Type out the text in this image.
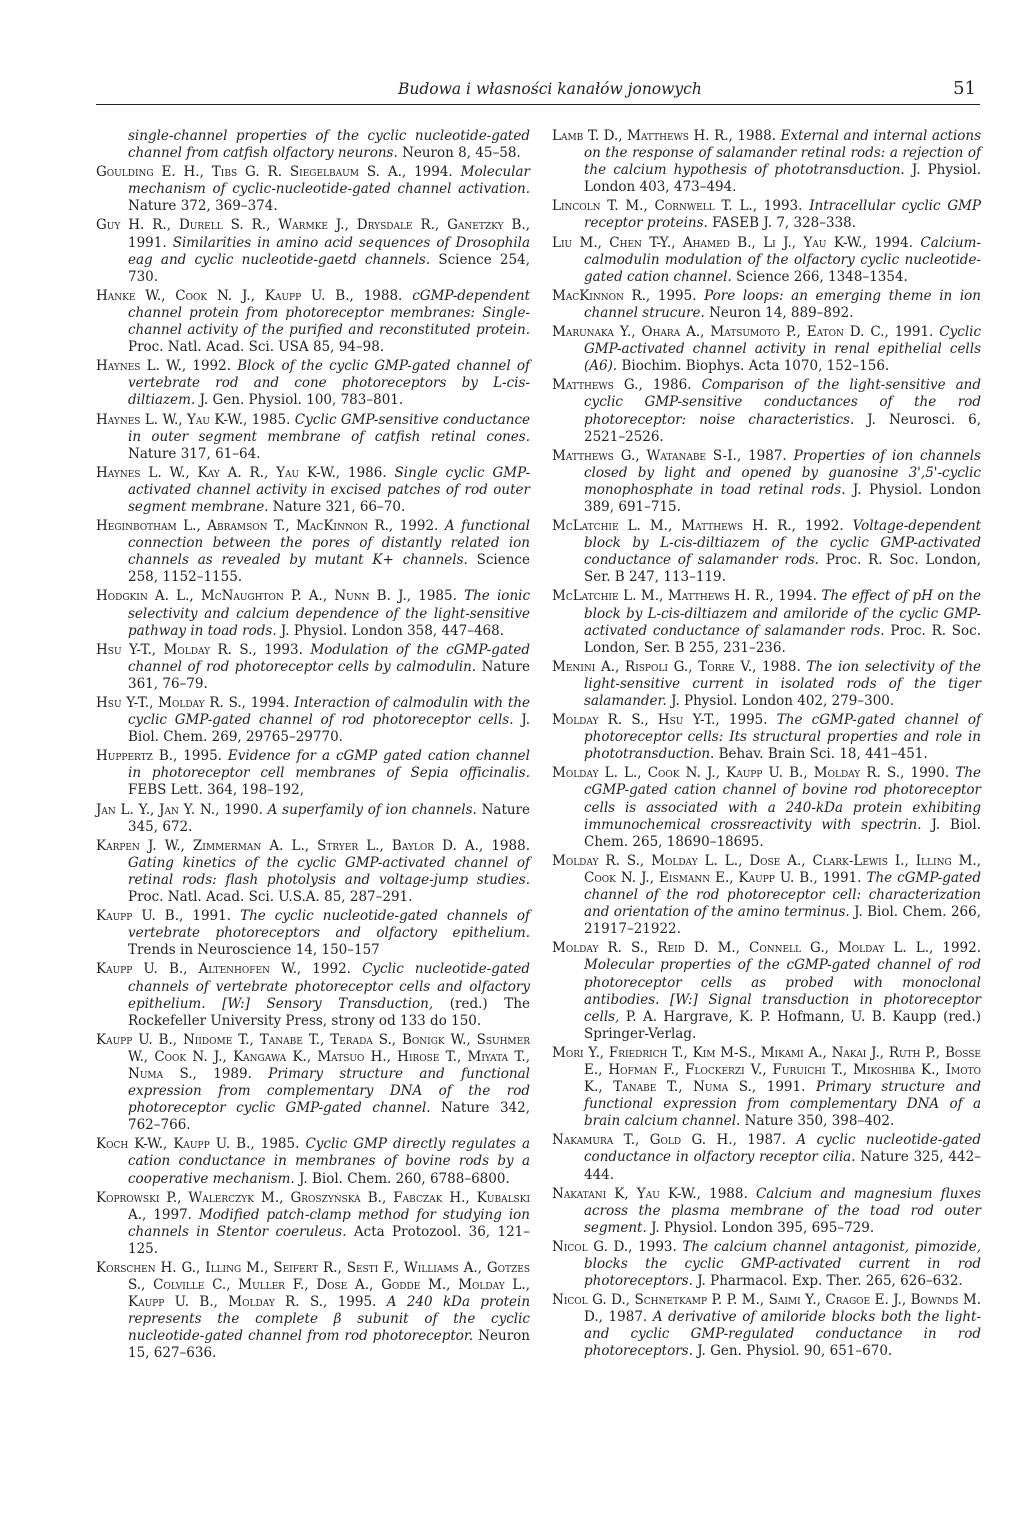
Budowa i własności kanałów jonowych	51

single-channel properties of the cyclic nucleotide-gated channel from catfish olfactory neurons. Neuron 8, 45–58.

Goulding E. H., Tibs G. R. Siegelbaum S. A., 1994. Molecular mechanism of cyclic-nucleotide-gated channel activation. Nature 372, 369–374.

Guy H. R., Durell S. R., Warmke J., Drysdale R., Ganetzky B., 1991. Similarities in amino acid sequences of Drosophila eag and cyclic nucleotide-gaetd channels. Science 254, 730.

Hanke W., Cook N. J., Kaupp U. B., 1988. cGMP-dependent channel protein from photoreceptor membranes: Single-channel activity of the purified and reconstituted protein. Proc. Natl. Acad. Sci. USA 85, 94–98.

Haynes L. W., 1992. Block of the cyclic GMP-gated channel of vertebrate rod and cone photoreceptors by L-cis-diltiazem. J. Gen. Physiol. 100, 783–801.

Haynes L. W., Yau K-W., 1985. Cyclic GMP-sensitive conductance in outer segment membrane of catfish retinal cones. Nature 317, 61–64.

Haynes L. W., Kay A. R., Yau K-W., 1986. Single cyclic GMP-activated channel activity in excised patches of rod outer segment membrane. Nature 321, 66–70.

Heginbotham L., Abramson T., MacKinnon R., 1992. A functional connection between the pores of distantly related ion channels as revealed by mutant K+ channels. Science 258, 1152–1155.

Hodgkin A. L., McNaughton P. A., Nunn B. J., 1985. The ionic selectivity and calcium dependence of the light-sensitive pathway in toad rods. J. Physiol. London 358, 447–468.

Hsu Y-T., Molday R. S., 1993. Modulation of the cGMP-gated channel of rod photoreceptor cells by calmodulin. Nature 361, 76–79.

Hsu Y-T., Molday R. S., 1994. Interaction of calmodulin with the cyclic GMP-gated channel of rod photoreceptor cells. J. Biol. Chem. 269, 29765–29770.

Huppertz B., 1995. Evidence for a cGMP gated cation channel in photoreceptor cell membranes of Sepia officinalis. FEBS Lett. 364, 198–192,

Jan L. Y., Jan Y. N., 1990. A superfamily of ion channels. Nature 345, 672.

Karpen J. W., Zimmerman A. L., Stryer L., Baylor D. A., 1988. Gating kinetics of the cyclic GMP-activated channel of retinal rods: flash photolysis and voltage-jump studies. Proc. Natl. Acad. Sci. U.S.A. 85, 287–291.

Kaupp U. B., 1991. The cyclic nucleotide-gated channels of vertebrate photoreceptors and olfactory epithelium. Trends in Neuroscience 14, 150–157

Kaupp U. B., Altenhofen W., 1992. Cyclic nucleotide-gated channels of vertebrate photoreceptor cells and olfactory epithelium. [W:] Sensory Transduction, (red.) The Rockefeller University Press, strony od 133 do 150.

Kaupp U. B., Niidome T., Tanabe T., Terada S., Bonigk W., Ssuhmer W., Cook N. J., Kangawa K., Matsuo H., Hirose T., Miyata T., Numa S., 1989. Primary structure and functional expression from complementary DNA of the rod photoreceptor cyclic GMP-gated channel. Nature 342, 762–766.

Koch K-W., Kaupp U. B., 1985. Cyclic GMP directly regulates a cation conductance in membranes of bovine rods by a cooperative mechanism. J. Biol. Chem. 260, 6788–6800.

Koprowski P., Walerczyk M., Groszyńska B., Fabczak H., Kubalski A., 1997. Modified patch-clamp method for studying ion channels in Stentor coeruleus. Acta Protozool. 36, 121–125.

Korschen H. G., Illing M., Seifert R., Sesti F., Williams A., Gotzes S., Colville C., Muller F., Dose A., Godde M., Molday L., Kaupp U. B., Molday R. S., 1995. A 240 kDa protein represents the complete β subunit of the cyclic nucleotide-gated channel from rod photoreceptor. Neuron 15, 627–636.

Lamb T. D., Matthews H. R., 1988. External and internal actions on the response of salamander retinal rods: a rejection of the calcium hypothesis of phototransduction. J. Physiol. London 403, 473–494.

Lincoln T. M., Cornwell T. L., 1993. Intracellular cyclic GMP receptor proteins. FASEB J. 7, 328–338.

Liu M., Chen T-Y., Ahamed B., Li J., Yau K-W., 1994. Calcium-calmodulin modulation of the olfactory cyclic nucleotide-gated cation channel. Science 266, 1348–1354.

MacKinnon R., 1995. Pore loops: an emerging theme in ion channel strucure. Neuron 14, 889–892.

Marunaka Y., Ohara A., Matsumoto P., Eaton D. C., 1991. Cyclic GMP-activated channel activity in renal epithelial cells (A6). Biochim. Biophys. Acta 1070, 152–156.

Matthews G., 1986. Comparison of the light-sensitive and cyclic GMP-sensitive conductances of the rod photoreceptor: noise characteristics. J. Neurosci. 6, 2521–2526.

Matthews G., Watanabe S-I., 1987. Properties of ion channels closed by light and opened by guanosine 3',5'-cyclic monophosphate in toad retinal rods. J. Physiol. London 389, 691–715.

McLatchie L. M., Matthews H. R., 1992. Voltage-dependent block by L-cis-diltiazem of the cyclic GMP-activated conductance of salamander rods. Proc. R. Soc. London, Ser. B 247, 113–119.

McLatchie L. M., Matthews H. R., 1994. The effect of pH on the block by L-cis-diltiazem and amiloride of the cyclic GMP-activated conductance of salamander rods. Proc. R. Soc. London, Ser. B 255, 231–236.

Menini A., Rispoli G., Torre V., 1988. The ion selectivity of the light-sensitive current in isolated rods of the tiger salamander. J. Physiol. London 402, 279–300.

Molday R. S., Hsu Y-T., 1995. The cGMP-gated channel of photoreceptor cells: Its structural properties and role in phototransduction. Behav. Brain Sci. 18, 441–451.

Molday L. L., Cook N. J., Kaupp U. B., Molday R. S., 1990. The cGMP-gated cation channel of bovine rod photoreceptor cells is associated with a 240-kDa protein exhibiting immunochemical crossreactivity with spectrin. J. Biol. Chem. 265, 18690–18695.

Molday R. S., Molday L. L., Dose A., Clark-Lewis I., Illing M., Cook N. J., Eismann E., Kaupp U. B., 1991. The cGMP-gated channel of the rod photoreceptor cell: characterization and orientation of the amino terminus. J. Biol. Chem. 266, 21917–21922.

Molday R. S., Reid D. M., Connell G., Molday L. L., 1992. Molecular properties of the cGMP-gated channel of rod photoreceptor cells as probed with monoclonal antibodies. [W:] Signal transduction in photoreceptor cells, P. A. Hargrave, K. P. Hofmann, U. B. Kaupp (red.) Springer-Verlag.

Mori Y., Friedrich T., Kim M-S., Mikami A., Nakai J., Ruth P., Bosse E., Hofman F., Flockerzi V., Furuichi T., Mikoshiba K., Imoto K., Tanabe T., Numa S., 1991. Primary structure and functional expression from complementary DNA of a brain calcium channel. Nature 350, 398–402.

Nakamura T., Gold G. H., 1987. A cyclic nucleotide-gated conductance in olfactory receptor cilia. Nature 325, 442–444.

Nakatani K, Yau K-W., 1988. Calcium and magnesium fluxes across the plasma membrane of the toad rod outer segment. J. Physiol. London 395, 695–729.

Nicol G. D., 1993. The calcium channel antagonist, pimozide, blocks the cyclic GMP-activated current in rod photoreceptors. J. Pharmacol. Exp. Ther. 265, 626–632.

Nicol G. D., Schnetkamp P. P. M., Saimi Y., Cragoe E. J., Bownds M. D., 1987. A derivative of amiloride blocks both the light- and cyclic GMP-regulated conductance in rod photoreceptors. J. Gen. Physiol. 90, 651–670.
